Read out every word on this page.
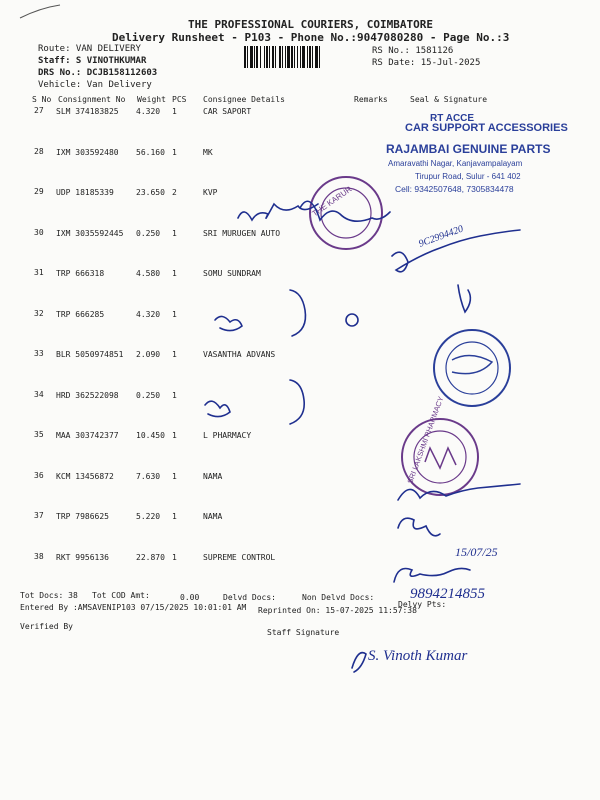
THE PROFESSIONAL COURIERS, COIMBATORE
Delivery Runsheet - P103 - Phone No.:9047080280 - Page No.:3
Route: VAN DELIVERY
Staff: S VINOTHKUMAR
DRS No.: DCJB158112603
Vehicle: Van Delivery
RS No.: 1581126
RS Date: 15-Jul-2025
S No Consignment No Weight PCS Consignee Details	Remarks	Seal & Signature
27 SLM 374183825 4.320 1	CAR SAPORT
28 IXM 303592480 56.160 1	MK
29 UDP 18185339	23.650 2	KVP
30 IXM 3035592445 0.250 1	SRI MURUGEN AUTO
31 TRP 666318	4.580 1	SOMU SUNDRAM
32 TRP 666285	4.320 1
33 BLR 5050974851 2.090 1	VASANTHA ADVANS
34 HRD 362522098 0.250 1
35 MAA 303742377 10.450 1	L PHARMACY
36 KCM 13456872	7.630 1	NAMA
37 TRP 7986625	5.220 1	NAMA
38 RKT 9956136	22.870 1	SUPREME CONTROL
Tot Docs: 38 Tot COD Amt:	0.00	Delvd Docs:	Non Delvd Docs:
Delvy Pts:
Entered By :AMSAVENIP103 07/15/2025 10:01:01 AM Reprinted On: 15-07-2025 11:57:38
Verified By
Staff Signature
RT ACCE
CAR SUPPORT ACCESSORIES
RAJAMBAI GENUINE PARTS
Amaravathi Nagar, Kanjavampalayam
Tirupur Road, Sulur - 641 402
Cell: 9342507648, 7305834478
THE KARUR
SRI LAKSHMI PHARMACY
9C2994420
15/07/25
9894214855
S. Vinoth Kumar
